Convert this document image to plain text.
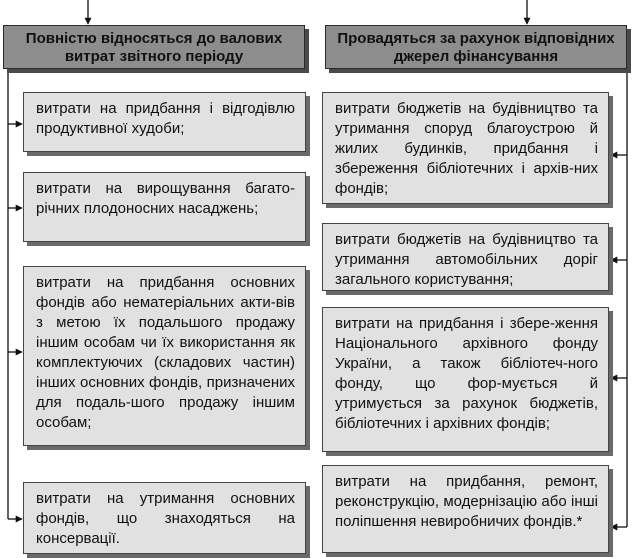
Повністю відносяться до валових витрат звітного періоду
Провадяться за рахунок відповідних джерел фінансування
витрати на придбання і відгодівлю продуктивної худоби;
витрати на вирощування багато-річних плодоносних насаджень;
витрати на придбання основних фондів або нематеріальних акти-вів з метою їх подальшого продажу іншим особам чи їх використання як комплектуючих (складових частин) інших основних фондів, призначених для подаль-шого продажу іншим особам;
витрати на утримання основних фондів, що знаходяться на консервації.
витрати бюджетів на будівництво та утримання споруд благоустрою й жилих будинків, придбання і збереження бібліотечних і архів-них фондів;
витрати бюджетів на будівництво та утримання автомобільних доріг загального користування;
витрати на придбання і збере-ження Національного архівного фонду України, а також бібліотеч-ного фонду, що фор-мується й утримується за рахунок бюджетів, бібліотечних і архівних фондів;
витрати на придбання, ремонт, реконструкцію, модернізацію або інші поліпшення невиробничих фондів.*
